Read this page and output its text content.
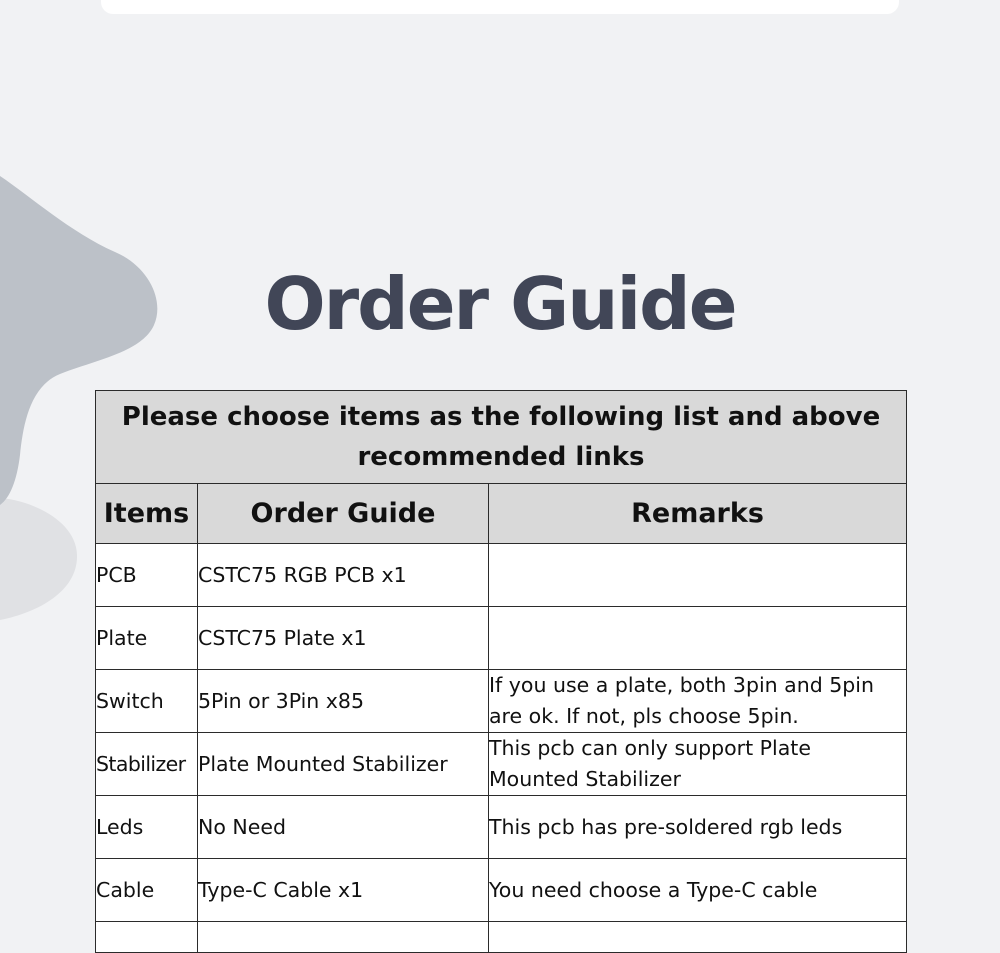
Order Guide
Please choose items as the following list and above recommended links		
Items	Order Guide	Remarks
PCB	CSTC75 RGB PCB x1	
Plate	CSTC75 Plate x1	
Switch	5Pin or 3Pin x85	If you use a plate, both 3pin and 5pin are ok. If not, pls choose 5pin.
Stabilizer	Plate Mounted Stabilizer	This pcb can only support Plate Mounted Stabilizer
Leds	No Need	This pcb has pre-soldered rgb leds
Cable	Type-C Cable x1	You need choose a Type-C cable
